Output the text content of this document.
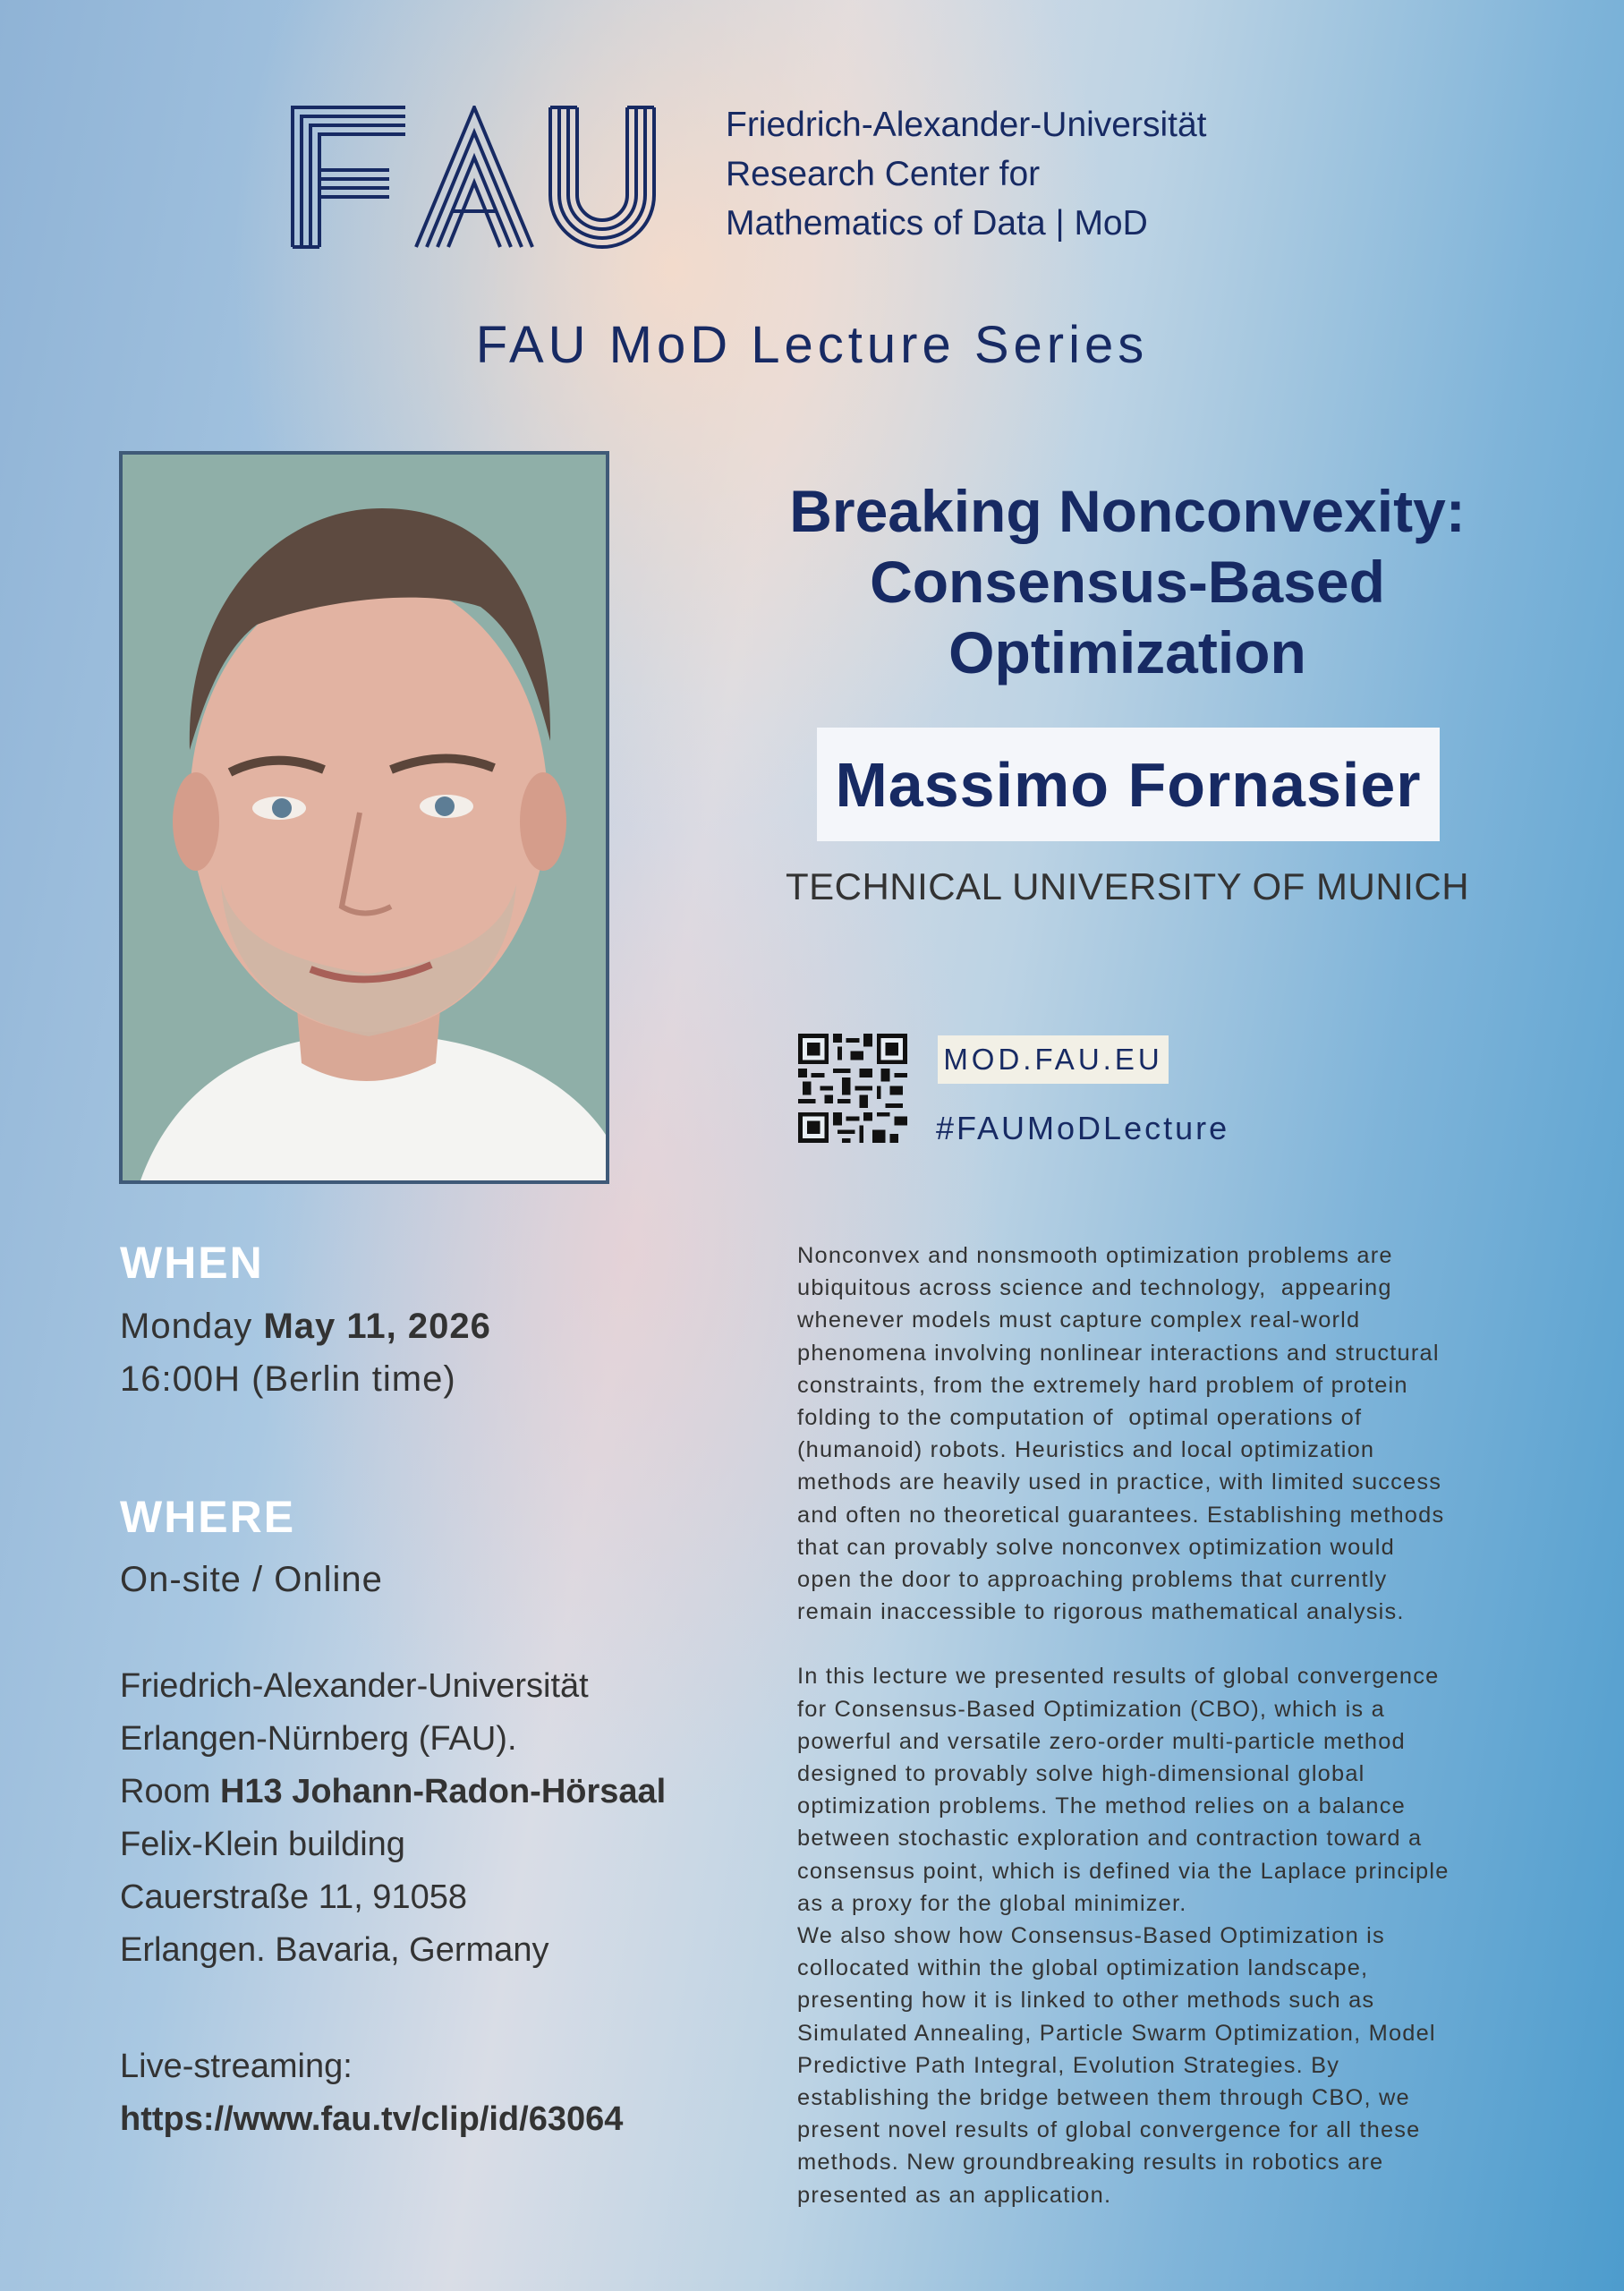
Friedrich-Alexander-Universität
Research Center for
Mathematics of Data | MoD
FAU MoD Lecture Series
Breaking Nonconvexity:
Consensus-Based
Optimization
Massimo Fornasier
TECHNICAL UNIVERSITY OF MUNICH
MOD.FAU.EU
#FAUMoDLecture
WHEN
Monday May 11, 2026
16:00H (Berlin time)
WHERE
On-site / Online
Friedrich-Alexander-Universität
Erlangen-Nürnberg (FAU).
Room H13 Johann-Radon-Hörsaal
Felix-Klein building
Cauerstraße 11, 91058
Erlangen. Bavaria, Germany
Live-streaming:
https://www.fau.tv/clip/id/63064
Nonconvex and nonsmooth optimization problems are
ubiquitous across science and technology,  appearing
whenever models must capture complex real-world
phenomena involving nonlinear interactions and structural
constraints, from the extremely hard problem of protein
folding to the computation of  optimal operations of
(humanoid) robots. Heuristics and local optimization
methods are heavily used in practice, with limited success
and often no theoretical guarantees. Establishing methods
that can provably solve nonconvex optimization would
open the door to approaching problems that currently
remain inaccessible to rigorous mathematical analysis.
In this lecture we presented results of global convergence
for Consensus-Based Optimization (CBO), which is a
powerful and versatile zero-order multi-particle method
designed to provably solve high-dimensional global
optimization problems. The method relies on a balance
between stochastic exploration and contraction toward a
consensus point, which is defined via the Laplace principle
as a proxy for the global minimizer.
We also show how Consensus-Based Optimization is
collocated within the global optimization landscape,
presenting how it is linked to other methods such as
Simulated Annealing, Particle Swarm Optimization, Model
Predictive Path Integral, Evolution Strategies. By
establishing the bridge between them through CBO, we
present novel results of global convergence for all these
methods. New groundbreaking results in robotics are
presented as an application.
